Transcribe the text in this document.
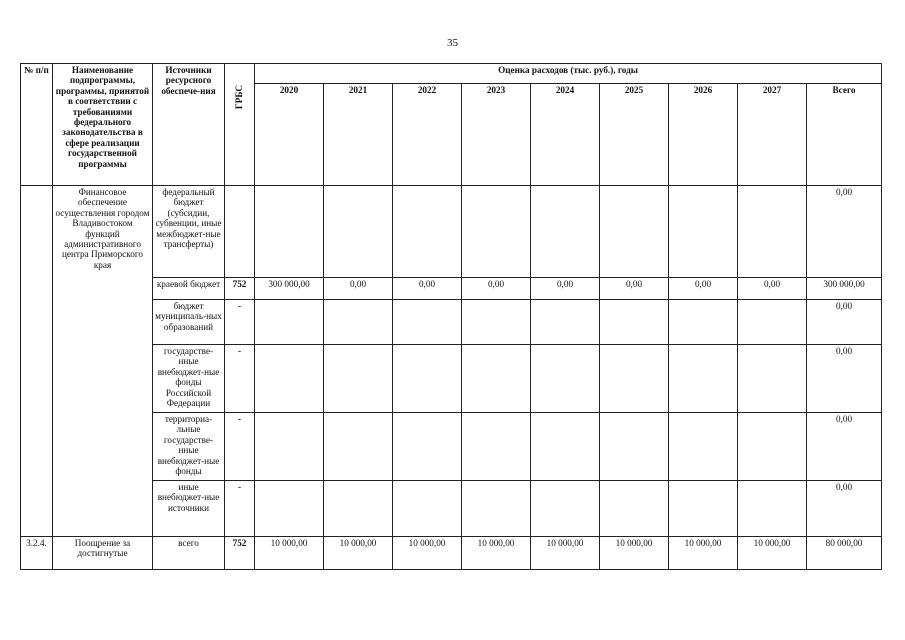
35
№ п/п	Наименование подпрограммы, программы, принятой в соответствии с требованиями федерального законодательства в сфере реализации государственной программы	Источники ресурсного обеспече-ния	ГРБС	Оценка расходов (тыс. руб.), годы								
				2020	2021	2022	2023	2024	2025	2026	2027	Всего
	Финансовое обеспечение осуществления городом Владивостоком функций административного центра Приморского края	федеральный бюджет (субсидии, субвенции, иные межбюджет-ные трансферты)										0,00
		краевой бюджет	752	300 000,00	0,00	0,00	0,00	0,00	0,00	0,00	0,00	300 000,00
		бюджет муниципаль-ных образований	-									0,00
		государстве-нные внебюджет-ные фонды Российской Федерации	-									0,00
		территориа-льные государстве-нные внебюджет-ные фонды	-									0,00
		иные внебюджет-ные источники	-									0,00
3.2.4.	Поощрение за достигнутые	всего	752	10 000,00	10 000,00	10 000,00	10 000,00	10 000,00	10 000,00	10 000,00	10 000,00	80 000,00
